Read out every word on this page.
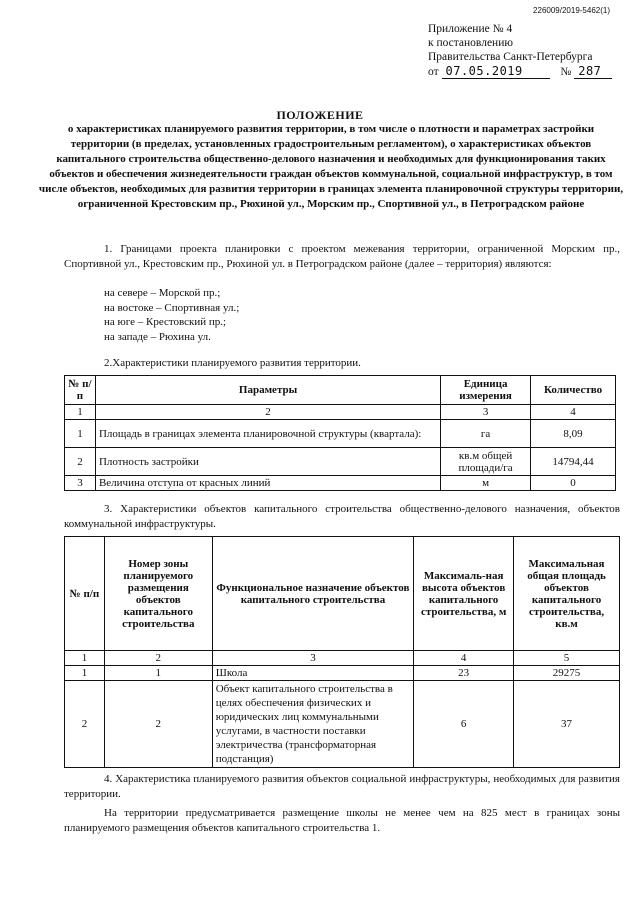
226009/2019-5462(1)
Приложение № 4
к постановлению
Правительства Санкт-Петербурга
от 07.05.2019	№ 287
ПОЛОЖЕНИЕ
о характеристиках планируемого развития территории, в том числе о плотности и параметрах застройки территории (в пределах, установленных градостроительным регламентом), о характеристиках объектов капитального строительства общественно-делового назначения и необходимых для функционирования таких объектов и обеспечения жизнедеятельности граждан объектов коммунальной, социальной инфраструктур, в том числе объектов, необходимых для развития территории в границах элемента планировочной структуры территории, ограниченной Крестовским пр., Рюхиной ул., Морским пр., Спортивной ул., в Петроградском районе
1. Границами проекта планировки с проектом межевания территории, ограниченной Морским пр., Спортивной ул., Крестовским пр., Рюхиной ул. в Петроградском районе (далее – территория) являются:
на севере – Морской пр.;
на востоке – Спортивная ул.;
на юге – Крестовский пр.;
на западе – Рюхина ул.
2.Характеристики планируемого развития территории.
№ п/п	Параметры	Единица измерения	Количество
1	2	3	4
1	Площадь в границах элемента планировочной структуры (квартала):	га	8,09
2	Плотность застройки	кв.м общей площади/га	14794,44
3	Величина отступа от красных линий	м	0
3. Характеристики объектов капитального строительства общественно-делового назначения, объектов коммунальной инфраструктуры.
№ п/п	Номер зоны планируемого размещения объектов капитального строительства	Функциональное назначение объектов капитального строительства	Максималь-ная высота объектов капитального строительства, м	Максимальная общая площадь объектов капитального строительства, кв.м
1	2	3	4	5
1	1	Школа	23	29275
2	2	Объект капитального строительства в целях обеспечения физических и юридических лиц коммунальными услугами, в частности поставки электричества (трансформаторная подстанция)	6	37
4. Характеристика планируемого развития объектов социальной инфраструктуры, необходимых для развития территории.
На территории предусматривается размещение школы не менее чем на 825 мест в границах зоны планируемого размещения объектов капитального строительства 1.
